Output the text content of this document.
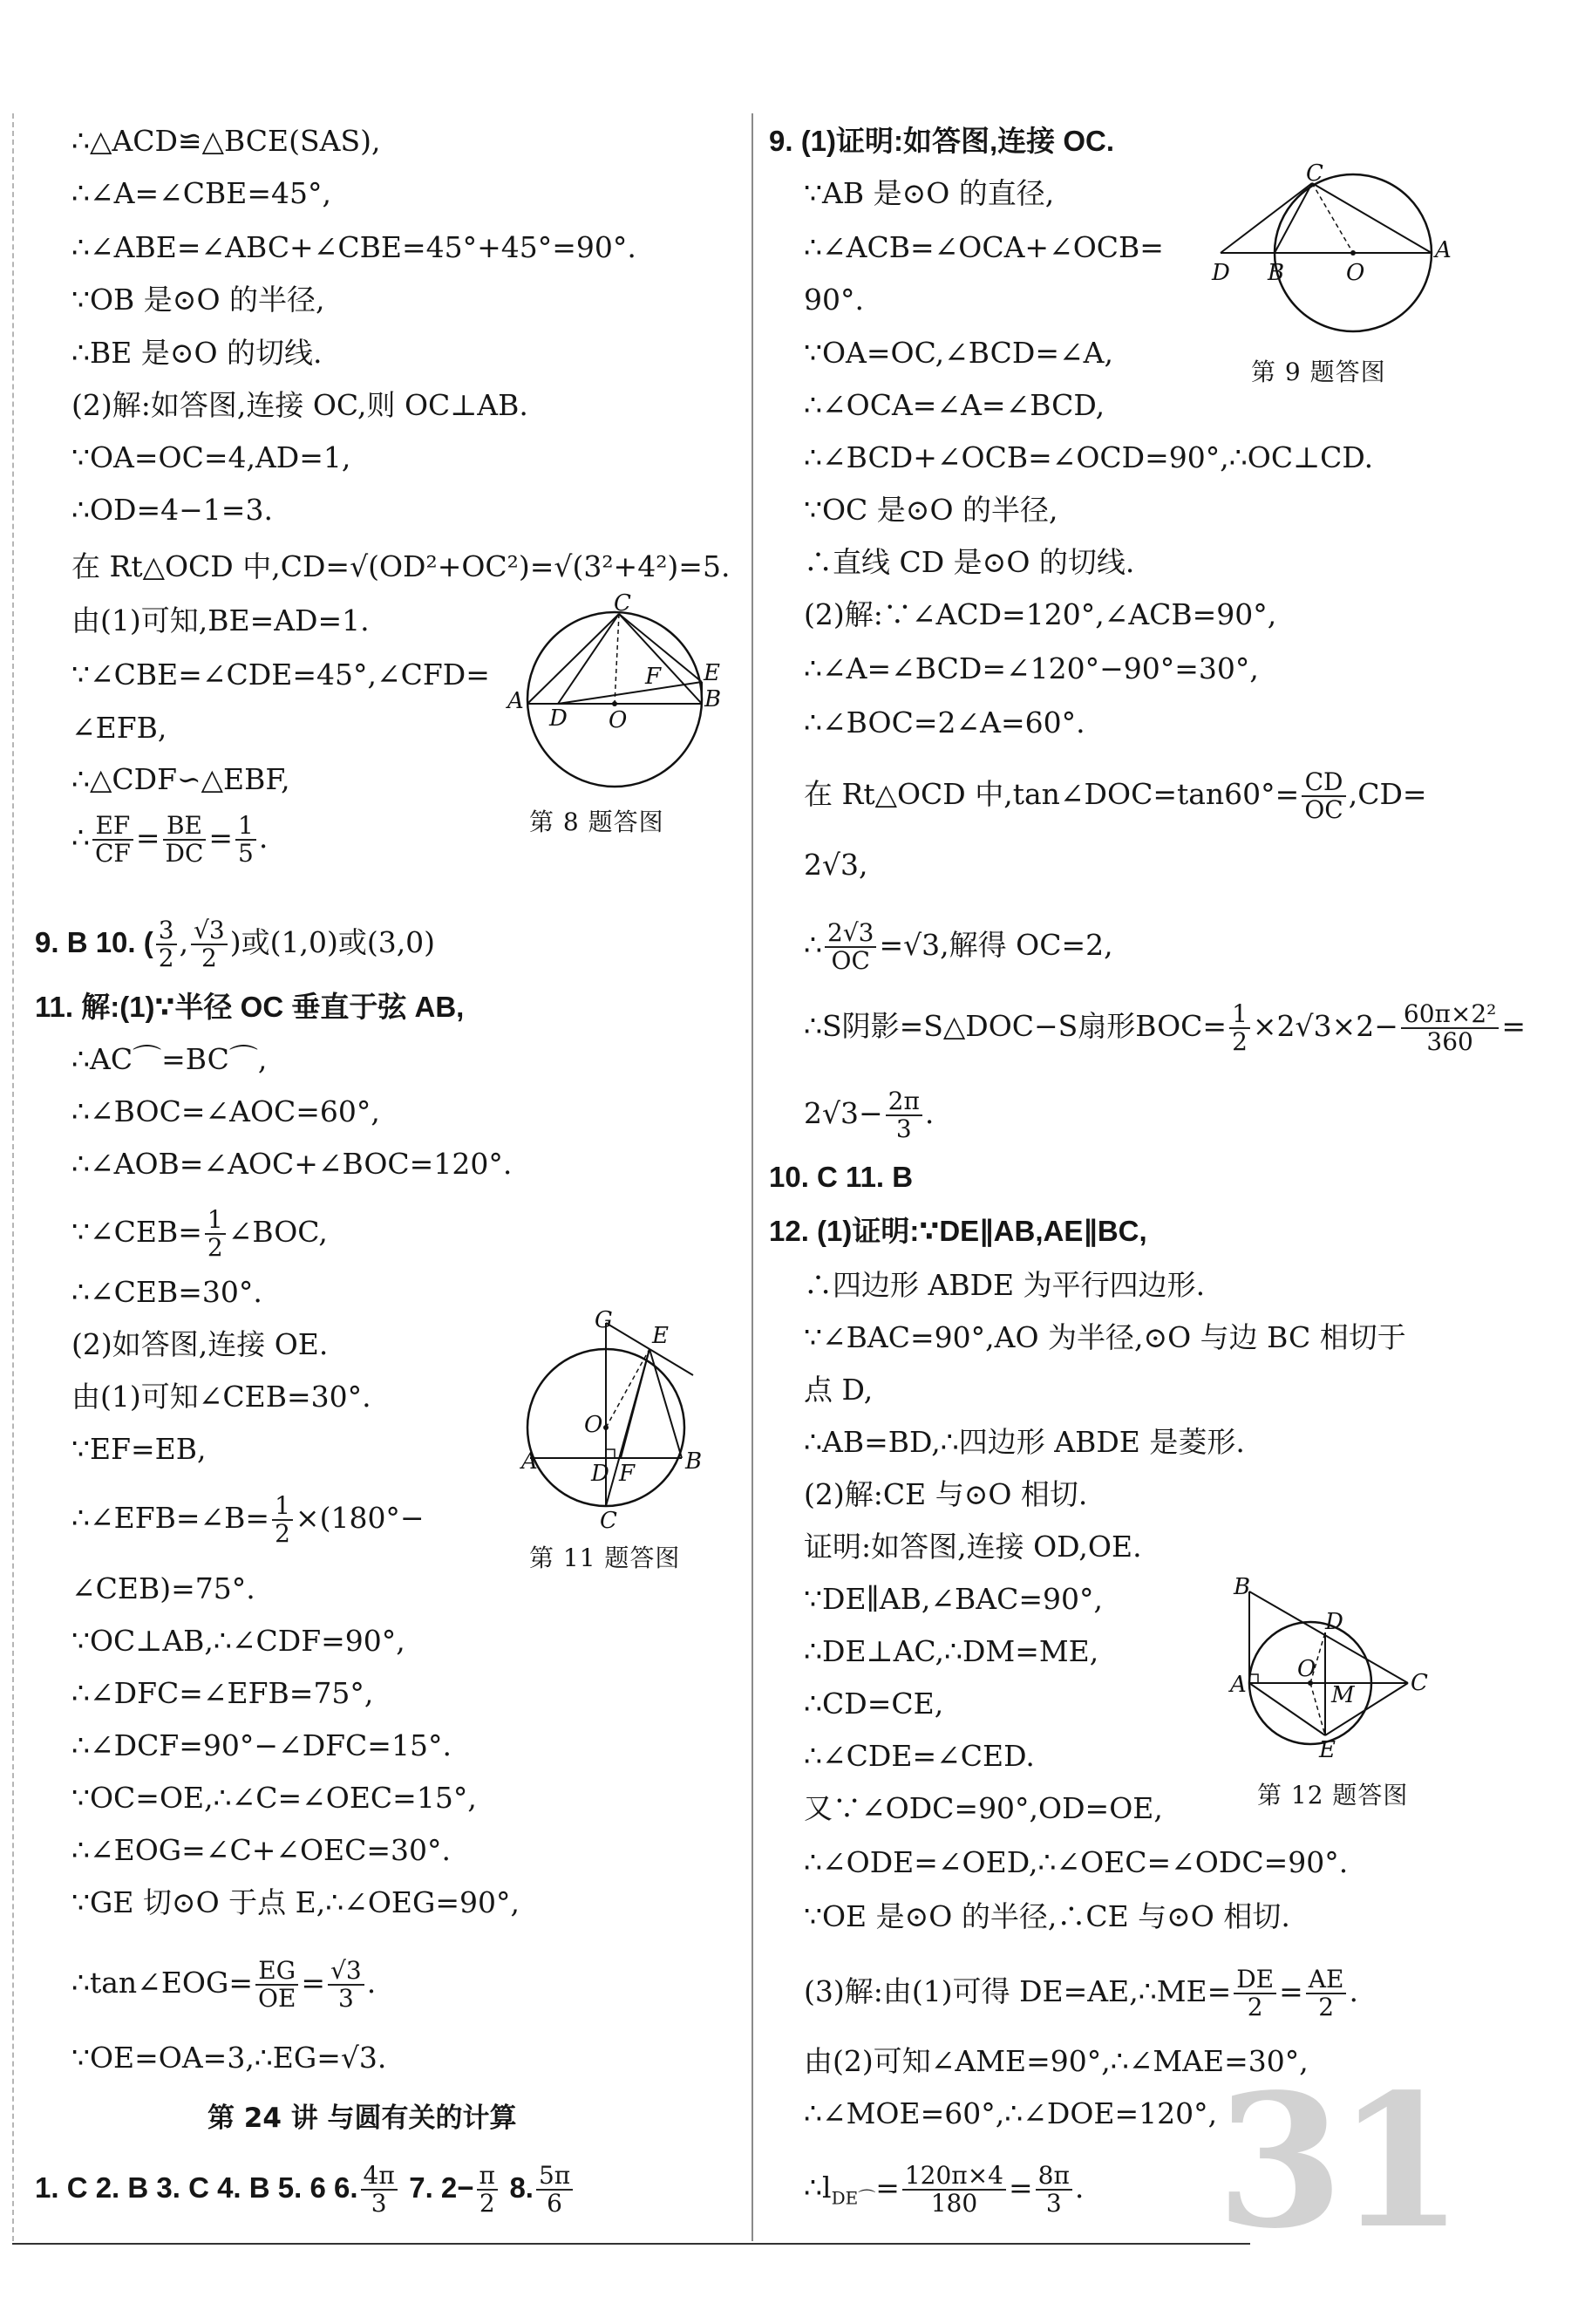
31
∴△ACD≌△BCE(SAS),
∴∠A=∠CBE=45°,
∴∠ABE=∠ABC+∠CBE=45°+45°=90°.
∵OB 是⊙O 的半径,
∴BE 是⊙O 的切线.
(2)解:如答图,连接 OC,则 OC⊥AB.
∵OA=OC=4,AD=1,
∴OD=4−1=3.
在 Rt△OCD 中,CD=√(OD²+OC²)=√(3²+4²)=5.
由(1)可知,BE=AD=1.
∵∠CBE=∠CDE=45°,∠CFD=
∠EFB,
∴△CDF∽△EBF,
∴ $\frac{EF}{CF} = \frac{BE}{DC} = \frac{1}{5}$ .
9. B 10. ( $\frac{3}{2}$ , $\frac{√3}{2}$ )或(1,0)或(3,0)
11. 解:(1)∵半径 OC 垂直于弦 AB,
∴AC⌒=BC⌒,
∴∠BOC=∠AOC=60°,
∴∠AOB=∠AOC+∠BOC=120°.
∵∠CEB= $\frac{1}{2}$ ∠BOC,
∴∠CEB=30°.
(2)如答图,连接 OE.
由(1)可知∠CEB=30°.
∵EF=EB,
∴∠EFB=∠B= $\frac{1}{2} \times(180^\circ-$
∠CEB)=75°.
∵OC⊥AB,∴∠CDF=90°,
∴∠DFC=∠EFB=75°,
∴∠DCF=90°−∠DFC=15°.
∵OC=OE,∴∠C=∠OEC=15°,
∴∠EOG=∠C+∠OEC=30°.
∵GE 切⊙O 于点 E,∴∠OEG=90°,
∴tan∠EOG= $\frac{EG}{OE} = \frac{√3}{3}$ .
∵OE=OA=3,∴EG=√3.
第 24 讲 与圆有关的计算
1. C 2. B 3. C 4. B 5. 6 6. $\frac{4\pi}{3} 7$. $2- \frac{\pi}{2} 8$. $\frac{5\pi}{6}$
C
A
D O
F E
B
第 8 题答图
G
E
O
A D F B
C
第 11 题答图
9. (1)证明:如答图,连接 OC.
∵AB 是⊙O 的直径,
∴∠ACB=∠OCA+∠OCB=
90°.
∵OA=OC,∠BCD=∠A,
∴∠OCA=∠A=∠BCD,
∴∠BCD+∠OCB=∠OCD=90°,∴OC⊥CD.
∵OC 是⊙O 的半径,
∴直线 CD 是⊙O 的切线.
(2)解:∵∠ACD=120°,∠ACB=90°,
∴∠A=∠BCD=∠120°−90°=30°,
∴∠BOC=2∠A=60°.
在 Rt△OCD 中,tan∠DOC=tan60°= $\frac{CD}{OC} ,CD=$
2√3,
∴ $\frac{2√3}{OC} =√3$,解得 OC=2,
∴S阴影=S△DOC−S扇形$BOC= \frac{1}{2} \times 2√3\times 2- \frac{\text{60π×2²}}{360}$ =
$2√3- \frac{2\pi}{3}$ .
10. C 11. B
12. (1)证明:∵DE∥AB,AE∥BC,
∴四边形 ABDE 为平行四边形.
∵∠BAC=90°,AO 为半径,⊙O 与边 BC 相切于
点 D,
∴AB=BD,∴四边形 ABDE 是菱形.
(2)解:CE 与⊙O 相切.
证明:如答图,连接 OD,OE.
∵DE∥AB,∠BAC=90°,
∴DE⊥AC,∴DM=ME,
∴CD=CE,
∴∠CDE=∠CED.
又∵∠ODC=90°,OD=OE,
∴∠ODE=∠OED,∴∠OEC=∠ODC=90°.
∵OE 是⊙O 的半径,∴CE 与⊙O 相切.
(3)解:由(1)可得 DE=AE,∴ME= $\frac{DE}{2} = \frac{AE}{2}$ .
由(2)可知∠AME=90°,∴∠MAE=30°,
∴∠MOE=60°,∴∠DOE=120°,
$\therefore l_{DE⌒}= \frac{120\pi\times 4}{180} = \frac{8\pi}{3}$ .
C
D B	O
A
第 9 题答图
B
D
O
A	M C
E
第 12 题答图
